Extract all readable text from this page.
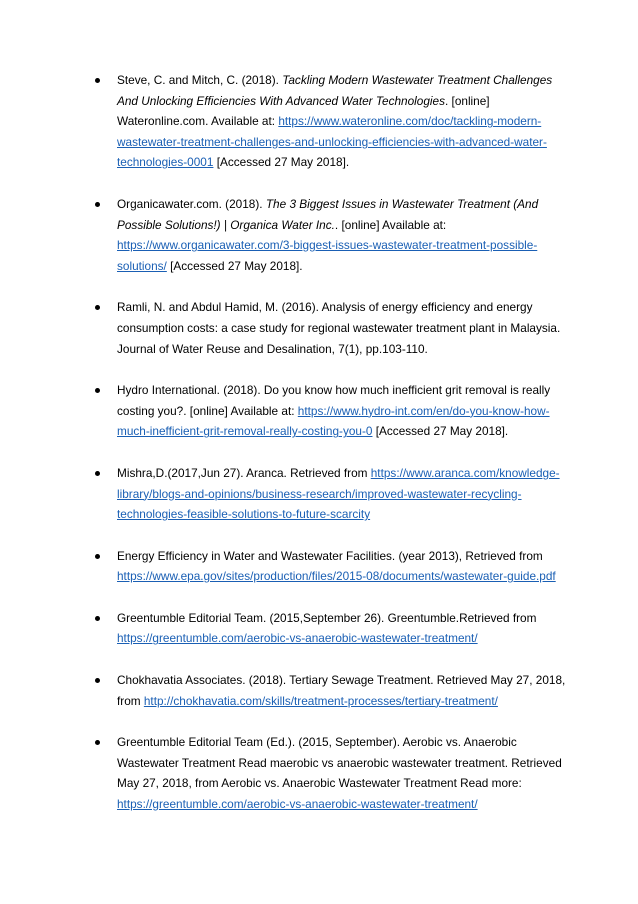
Steve, C. and Mitch, C. (2018). Tackling Modern Wastewater Treatment Challenges And Unlocking Efficiencies With Advanced Water Technologies. [online] Wateronline.com. Available at: https://www.wateronline.com/doc/tackling-modern-wastewater-treatment-challenges-and-unlocking-efficiencies-with-advanced-water-technologies-0001 [Accessed 27 May 2018].
Organicawater.com. (2018). The 3 Biggest Issues in Wastewater Treatment (And Possible Solutions!) | Organica Water Inc.. [online] Available at: https://www.organicawater.com/3-biggest-issues-wastewater-treatment-possible-solutions/ [Accessed 27 May 2018].
Ramli, N. and Abdul Hamid, M. (2016). Analysis of energy efficiency and energy consumption costs: a case study for regional wastewater treatment plant in Malaysia. Journal of Water Reuse and Desalination, 7(1), pp.103-110.
Hydro International. (2018). Do you know how much inefficient grit removal is really costing you?. [online] Available at: https://www.hydro-int.com/en/do-you-know-how-much-inefficient-grit-removal-really-costing-you-0 [Accessed 27 May 2018].
Mishra,D.(2017,Jun 27). Aranca. Retrieved from https://www.aranca.com/knowledge-library/blogs-and-opinions/business-research/improved-wastewater-recycling-technologies-feasible-solutions-to-future-scarcity
Energy Efficiency in Water and Wastewater Facilities. (year 2013), Retrieved from https://www.epa.gov/sites/production/files/2015-08/documents/wastewater-guide.pdf
Greentumble Editorial Team. (2015,September 26). Greentumble.Retrieved from https://greentumble.com/aerobic-vs-anaerobic-wastewater-treatment/
Chokhavatia Associates. (2018). Tertiary Sewage Treatment. Retrieved May 27, 2018, from http://chokhavatia.com/skills/treatment-processes/tertiary-treatment/
Greentumble Editorial Team (Ed.). (2015, September). Aerobic vs. Anaerobic Wastewater Treatment Read maerobic vs anaerobic wastewater treatment. Retrieved May 27, 2018, from Aerobic vs. Anaerobic Wastewater Treatment Read more: https://greentumble.com/aerobic-vs-anaerobic-wastewater-treatment/
